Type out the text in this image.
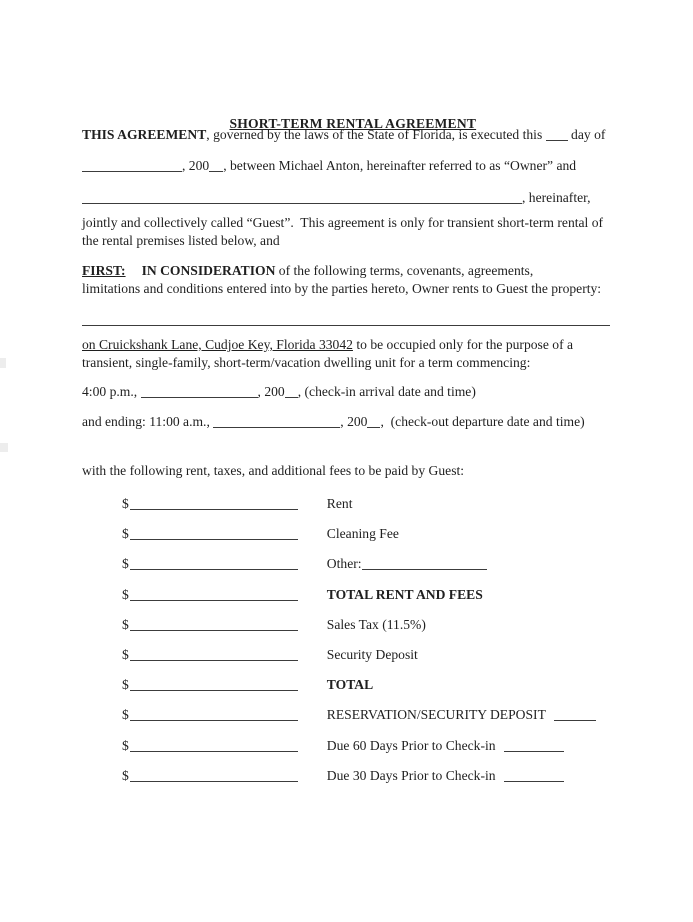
SHORT-TERM RENTAL AGREEMENT

THIS AGREEMENT, governed by the laws of the State of Florida, is executed this  day of
, 200 , between Michael Anton, hereinafter referred to as “Owner” and
, hereinafter,
jointly and collectively called “Guest”.  This agreement is only for transient short-term rental of
the rental premises listed below, and
FIRST: IN CONSIDERATION of the following terms, covenants, agreements,
limitations and conditions entered into by the parties hereto, Owner rents to Guest the property:
on Cruickshank Lane, Cudjoe Key, Florida 33042 to be occupied only for the purpose of a
transient, single-family, short-term/vacation dwelling unit for a term commencing:
4:00 p.m.,	, 200 , (check-in arrival date and time)
and ending: 11:00 a.m.,	, 200 ,  (check-out departure date and time)
with the following rent, taxes, and additional fees to be paid by Guest:
$	Rent
$	Cleaning Fee
$	Other:
$	TOTAL RENT AND FEES
$	Sales Tax (11.5%)
$	Security Deposit
$	TOTAL
$	RESERVATION/SECURITY DEPOSIT
$	Due 60 Days Prior to Check-in
$	Due 30 Days Prior to Check-in
